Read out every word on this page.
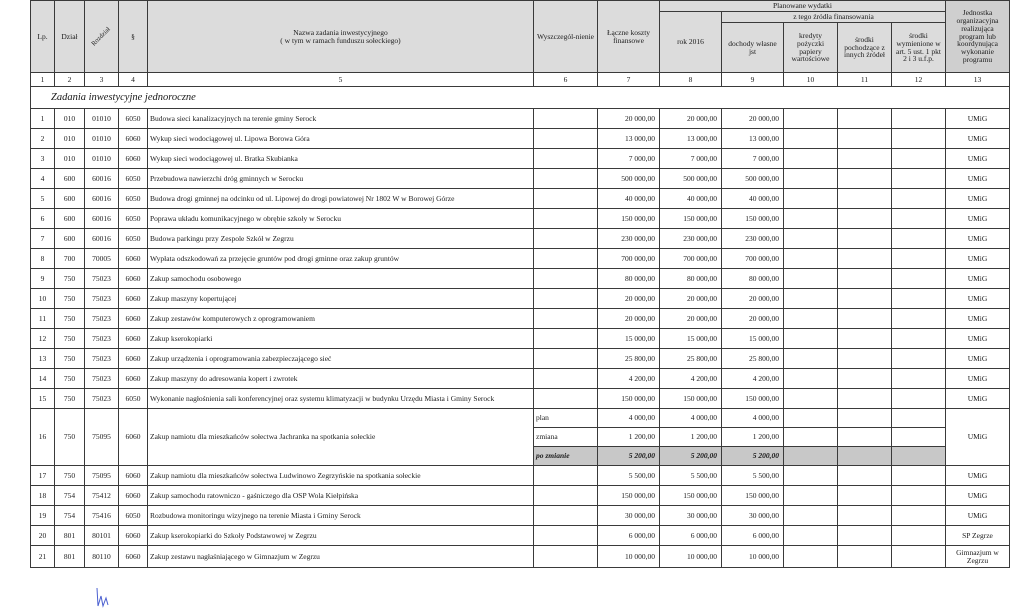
Lp.	Dział	Rozdział	§	Nazwa zadania inwestycyjnego
( w tym w ramach funduszu sołeckiego)	Wyszczegól-nienie	Łączne koszty finansowe	Planowane wydatki					Jednostka organizacyjna realizująca program lub koordynująca wykonanie programu
							rok 2016	z tego źródła finansowania				
								dochody własne jst	kredyty pożyczki papiery wartościowe	środki pochodzące z innych źródeł	środki wymienione w art. 5 ust. 1 pkt 2 i 3 u.f.p.	
1	2	3	4	5	6	7	8	9	10	11	12	13
Zadania inwestycyjne jednoroczne												
1	010	01010	6050	Budowa sieci kanalizacyjnych na terenie gminy Serock		20 000,00	20 000,00	20 000,00				UMiG
2	010	01010	6060	Wykup sieci wodociągowej ul. Lipowa Borowa Góra		13 000,00	13 000,00	13 000,00				UMiG
3	010	01010	6060	Wykup sieci wodociągowej ul. Bratka Skubianka		7 000,00	7 000,00	7 000,00				UMiG
4	600	60016	6050	Przebudowa nawierzchi dróg gminnych w Serocku		500 000,00	500 000,00	500 000,00				UMiG
5	600	60016	6050	Budowa drogi gminnej na odcinku od ul. Lipowej do drogi powiatowej Nr 1802 W w Borowej Górze		40 000,00	40 000,00	40 000,00				UMiG
6	600	60016	6050	Poprawa układu komunikacyjnego w obrębie szkoły w Serocku		150 000,00	150 000,00	150 000,00				UMiG
7	600	60016	6050	Budowa parkingu przy Zespole Szkół w Zegrzu		230 000,00	230 000,00	230 000,00				UMiG
8	700	70005	6060	Wypłata odszkodowań za przejęcie gruntów pod drogi gminne oraz zakup gruntów		700 000,00	700 000,00	700 000,00				UMiG
9	750	75023	6060	Zakup samochodu osobowego		80 000,00	80 000,00	80 000,00				UMiG
10	750	75023	6060	Zakup maszyny kopertującej		20 000,00	20 000,00	20 000,00				UMiG
11	750	75023	6060	Zakup zestawów komputerowych z oprogramowaniem		20 000,00	20 000,00	20 000,00				UMiG
12	750	75023	6060	Zakup kserokopiarki		15 000,00	15 000,00	15 000,00				UMiG
13	750	75023	6060	Zakup urządzenia i oprogramowania zabezpieczającego sieć		25 800,00	25 800,00	25 800,00				UMiG
14	750	75023	6060	Zakup maszyny do adresowania kopert i zwrotek		4 200,00	4 200,00	4 200,00				UMiG
15	750	75023	6050	Wykonanie nagłośnienia sali konferencyjnej oraz systemu klimatyzacji w budynku Urzędu Miasta i Gminy Serock		150 000,00	150 000,00	150 000,00				UMiG
16	750	75095	6060	Zakup namiotu dla mieszkańców sołectwa Jachranka na spotkania sołeckie	plan	4 000,00	4 000,00	4 000,00				UMiG
					zmiana	1 200,00	1 200,00	1 200,00				
					po zmianie	5 200,00	5 200,00	5 200,00				
17	750	75095	6060	Zakup namiotu dla mieszkańców sołectwa Ludwinowo Zegrzyńskie na spotkania sołeckie		5 500,00	5 500,00	5 500,00				UMiG
18	754	75412	6060	Zakup samochodu ratowniczo - gaśniczego dla OSP Wola Kiełpińska		150 000,00	150 000,00	150 000,00				UMiG
19	754	75416	6050	Rozbudowa monitoringu wizyjnego na terenie Miasta i Gminy Serock		30 000,00	30 000,00	30 000,00				UMiG
20	801	80101	6060	Zakup kserokopiarki do Szkoły Podstawowej w Zegrzu		6 000,00	6 000,00	6 000,00				SP Zegrze
21	801	80110	6060	Zakup zestawu nagłaśniającego w Gimnazjum w Zegrzu		10 000,00	10 000,00	10 000,00				Gimnazjum w Zegrzu
